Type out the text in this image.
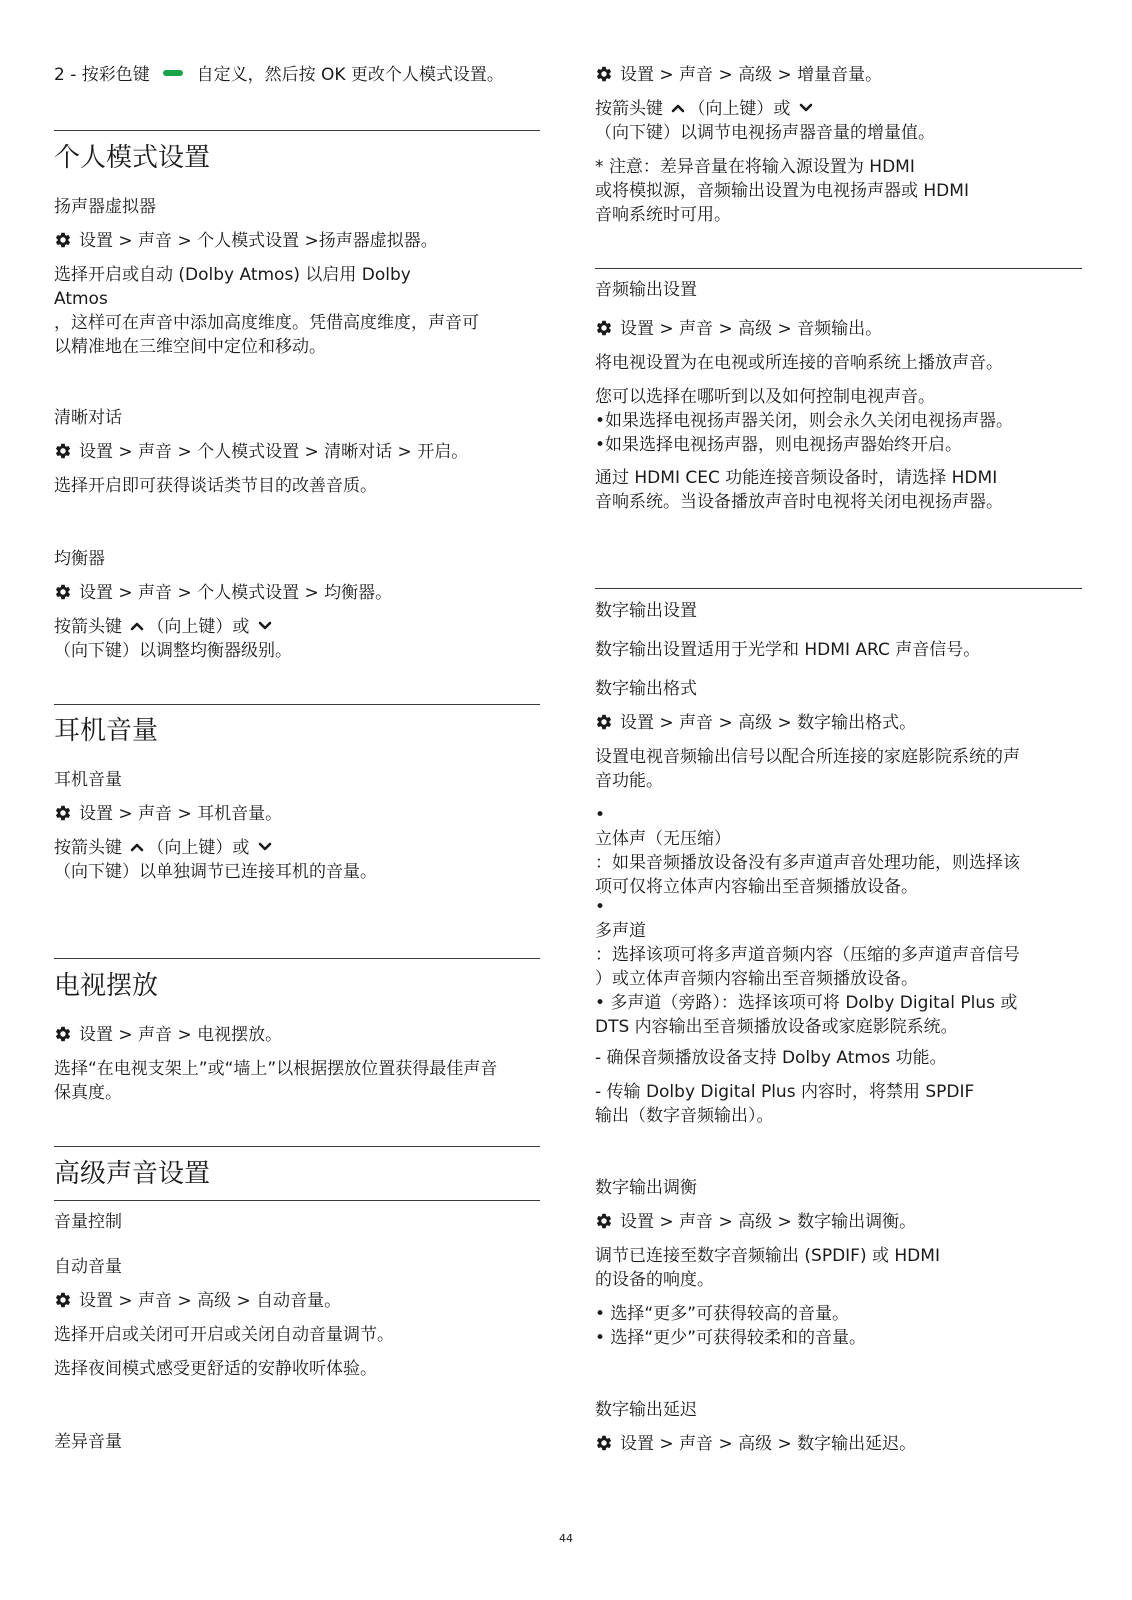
2 - 按彩色键  自定义，然后按 OK 更改个人模式设置。
个人模式设置
扬声器虚拟器
设置 > 声音 > 个人模式设置 >扬声器虚拟器。
选择开启或自动 (Dolby Atmos) 以启用 Dolby
Atmos
，这样可在声音中添加高度维度。凭借高度维度，声音可
以精准地在三维空间中定位和移动。
清晰对话
设置 > 声音 > 个人模式设置 > 清晰对话 > 开启。
选择开启即可获得谈话类节目的改善音质。
均衡器
设置 > 声音 > 个人模式设置 > 均衡器。
按箭头键 （向上键）或
（向下键）以调整均衡器级别。
耳机音量
耳机音量
设置 > 声音 > 耳机音量。
按箭头键 （向上键）或
（向下键）以单独调节已连接耳机的音量。
电视摆放
设置 > 声音 > 电视摆放。
选择“在电视支架上”或“墙上”以根据摆放位置获得最佳声音
保真度。
高级声音设置
音量控制
自动音量
设置 > 声音 > 高级 > 自动音量。
选择开启或关闭可开启或关闭自动音量调节。
选择夜间模式感受更舒适的安静收听体验。
差异音量
设置 > 声音 > 高级 > 增量音量。
按箭头键 （向上键）或
（向下键）以调节电视扬声器音量的增量值。
* 注意：差异音量在将输入源设置为 HDMI
或将模拟源，音频输出设置为电视扬声器或 HDMI
音响系统时可用。
音频输出设置
设置 > 声音 > 高级 > 音频输出。
将电视设置为在电视或所连接的音响系统上播放声音。
您可以选择在哪听到以及如何控制电视声音。
•如果选择电视扬声器关闭，则会永久关闭电视扬声器。
•如果选择电视扬声器，则电视扬声器始终开启。
通过 HDMI CEC 功能连接音频设备时，请选择 HDMI
音响系统。当设备播放声音时电视将关闭电视扬声器。
数字输出设置
数字输出设置适用于光学和 HDMI ARC 声音信号。
数字输出格式
设置 > 声音 > 高级 > 数字输出格式。
设置电视音频输出信号以配合所连接的家庭影院系统的声
音功能。
•
立体声（无压缩）
：如果音频播放设备没有多声道声音处理功能，则选择该
项可仅将立体声内容输出至音频播放设备。
•
多声道
：选择该项可将多声道音频内容（压缩的多声道声音信号
）或立体声音频内容输出至音频播放设备。
• 多声道（旁路）：选择该项可将 Dolby Digital Plus 或
DTS 内容输出至音频播放设备或家庭影院系统。
- 确保音频播放设备支持 Dolby Atmos 功能。
- 传输 Dolby Digital Plus 内容时，将禁用 SPDIF
输出（数字音频输出）。
数字输出调衡
设置 > 声音 > 高级 > 数字输出调衡。
调节已连接至数字音频输出 (SPDIF) 或 HDMI
的设备的响度。
• 选择“更多”可获得较高的音量。
• 选择“更少”可获得较柔和的音量。
数字输出延迟
设置 > 声音 > 高级 > 数字输出延迟。
44
